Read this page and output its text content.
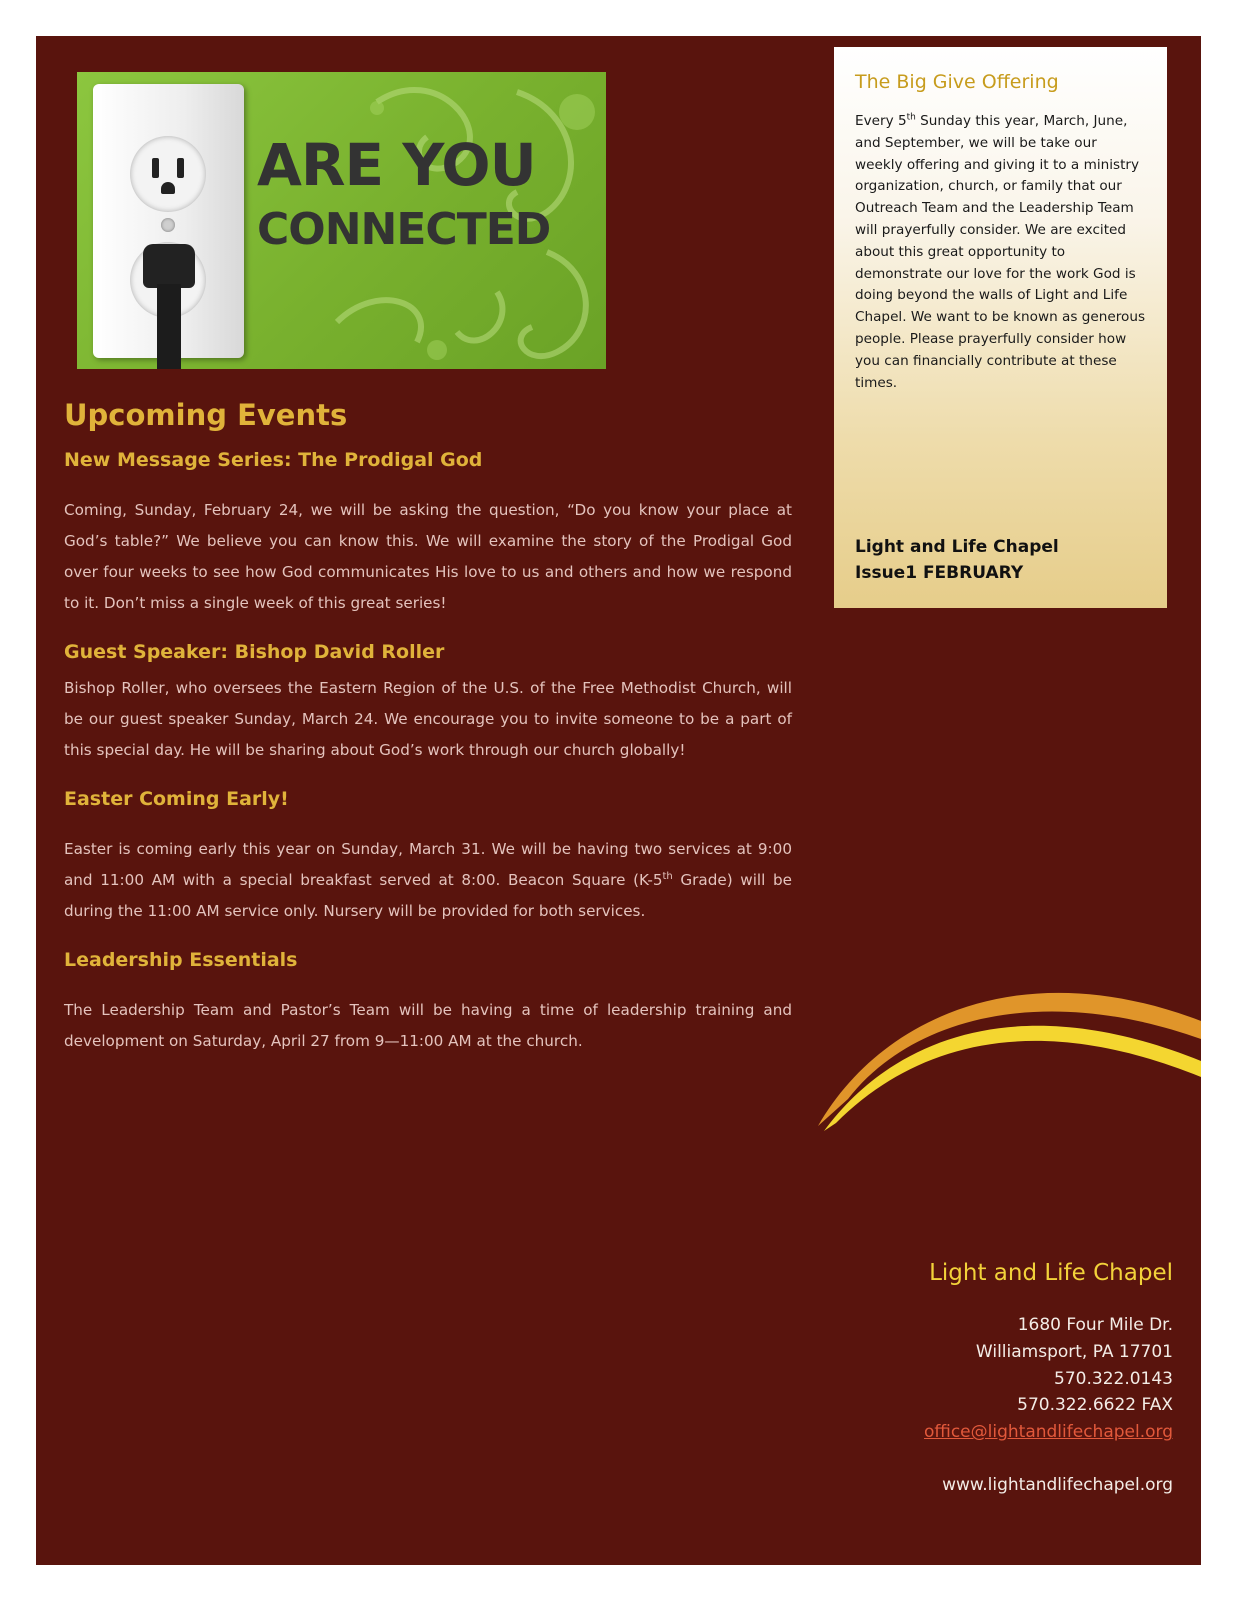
ARE YOU
CONNECTED
Upcoming Events
New Message Series: The Prodigal God

Coming, Sunday, February 24, we will be asking the question, “Do you know your place at God’s table?” We believe you can know this. We will examine the story of the Prodigal God over four weeks to see how God communicates His love to us and others and how we respond to it. Don’t miss a single week of this great series!

Guest Speaker: Bishop David Roller

Bishop Roller, who oversees the Eastern Region of the U.S. of the Free Methodist Church, will be our guest speaker Sunday, March 24. We encourage you to invite someone to be a part of this special day. He will be sharing about God’s work through our church globally!

Easter Coming Early!

Easter is coming early this year on Sunday, March 31. We will be having two services at 9:00 and 11:00 AM with a special breakfast served at 8:00. Beacon Square (K-5th Grade) will be during the 11:00 AM service only. Nursery will be provided for both services.

Leadership Essentials

The Leadership Team and Pastor’s Team will be having a time of leadership training and development on Saturday, April 27 from 9—11:00 AM at the church.

The Big Give Offering
Every 5th Sunday this year, March, June, and September, we will be take our weekly offering and giving it to a ministry organization, church, or family that our Outreach Team and the Leadership Team will prayerfully consider. We are excited about this great opportunity to demonstrate our love for the work God is doing beyond the walls of Light and Life Chapel. We want to be known as generous people. Please prayerfully consider how you can financially contribute at these times.
Light and Life Chapel
Issue1 FEBRUARY
Light and Life Chapel
1680 Four Mile Dr.
Williamsport, PA 17701
570.322.0143
570.322.6622 FAX
office@lightandlifechapel.org
www.lightandlifechapel.org
